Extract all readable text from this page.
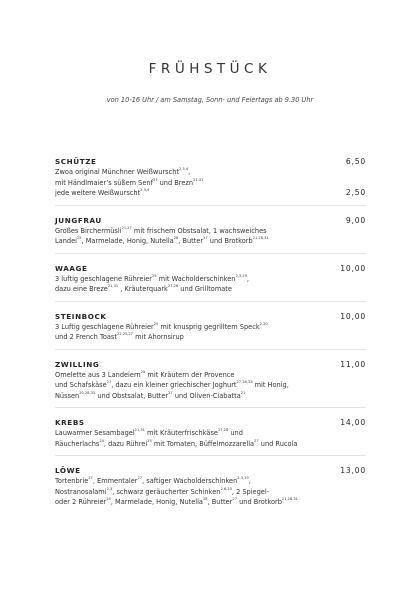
FRÜHSTÜCK
von 10-16 Uhr / am Samstag, Sonn- und Feiertags ab 9.30 Uhr
SCHÜTZE	6,50
Zwoa original Münchner Weißwurscht$^{2,3,4}$,
mit Händlmaier’s süßem Senf$^{33}$ und Brezn$^{21,31}$
jede weitere Weißwurscht$^{2,3,4}$	2,50
JUNGFRAU	9,00
Großes Birchermüsli$^{21,27}$ mit frischem Obstsalat, 1 wachsweiches
Landei$^{25}$, Marmelade, Honig, Nutella$^{28}$, Butter$^{27}$ und Brotkorb$^{21,28,31}$
WAAGE	10,00
3 luftig geschlagene Rühreier$^{25}$ mit Wacholderschinken$^{2,3,19}$,
dazu eine Breze$^{21,31}$ , Kräuterquark$^{27,26}$ und Grilltomate
STEINBOCK	10,00
3 Luftig geschlagene Rühreier$^{25}$ mit knusprig gegrilltem Speck$^{2,20}$
und 2 French Toast$^{21,25,27}$ mit Ahornsirup
ZWILLING	11,00
Omelette aus 3 Landeiern$^{25}$ mit Kräutern der Provence
und Schafskäse$^{27}$, dazu ein kleiner griechischer Joghurt$^{27,28,33}$ mit Honig,
Nüssen$^{20,28,33}$ und Obstsalat, Butter$^{27}$ und Oliven-Ciabatta$^{21}$
KREBS	14,00
Lauwarmer Sesambagel$^{21,31}$ mit Kräuterfrischkäse$^{27,28}$ und
Räucherlachs$^{24}$, dazu Rührei$^{25}$ mit Tomaten, Büffelmozzarella$^{27}$ und Rucola
LÖWE	13,00
Tortenbrie$^{27}$, Emmentaler$^{27}$, saftiger Wacholderschinken$^{2,3,19}$,
Nostranosalami$^{2,3}$, schwarz geräucherter Schinken$^{2,6,33}$, 2 Spiegel-
oder 2 Rühreier$^{25}$, Marmelade, Honig, Nutella$^{28}$, Butter$^{27}$ und Brotkorb$^{21,28,31}$
